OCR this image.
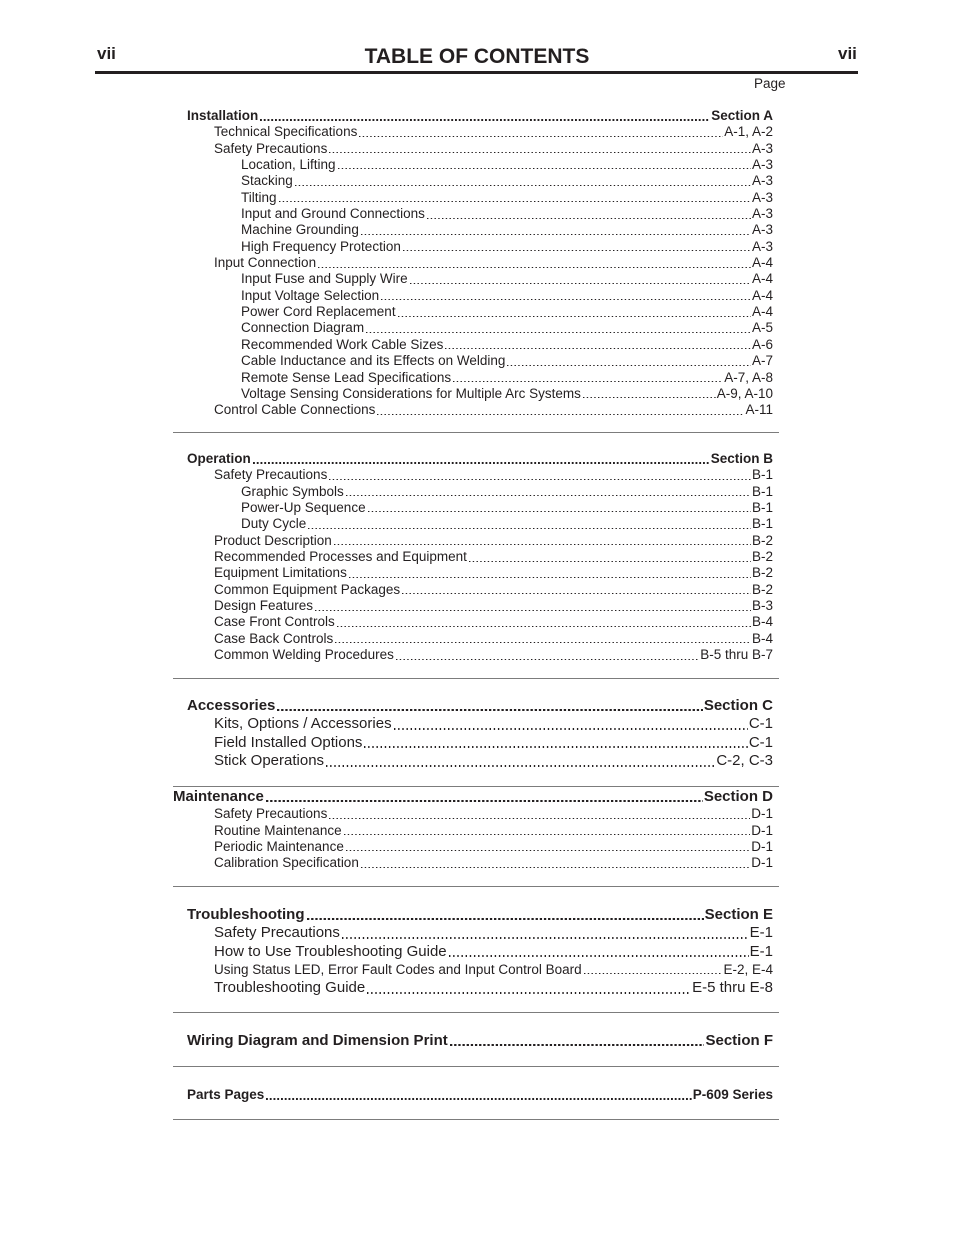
vii	TABLE OF CONTENTS	vii
Page
Installation	Section A
Technical Specifications	A-1, A-2
Safety Precautions	A-3
Location, Lifting	A-3
Stacking	A-3
Tilting	A-3
Input and Ground Connections	A-3
Machine Grounding	A-3
High Frequency Protection	A-3
Input Connection	A-4
Input Fuse and Supply Wire	A-4
Input Voltage Selection	A-4
Power Cord Replacement	A-4
Connection Diagram	A-5
Recommended Work Cable Sizes	A-6
Cable Inductance and its Effects on Welding	A-7
Remote Sense Lead Specifications	A-7, A-8
Voltage Sensing Considerations for Multiple Arc Systems	A-9, A-10
Control Cable Connections	A-11
Operation	Section B
Safety Precautions	B-1
Graphic Symbols	B-1
Power-Up Sequence	B-1
Duty Cycle	B-1
Product Description	B-2
Recommended Processes and Equipment	B-2
Equipment Limitations	B-2
Common Equipment Packages	B-2
Design Features	B-3
Case Front Controls	B-4
Case Back Controls	B-4
Common Welding Procedures	B-5 thru B-7
Accessories	Section C
Kits, Options / Accessories	C-1
Field Installed Options	C-1
Stick Operations	C-2, C-3
Maintenance	Section D
Safety Precautions	D-1
Routine Maintenance	D-1
Periodic Maintenance	D-1
Calibration Specification	D-1
Troubleshooting	Section E
Safety Precautions	E-1
How to Use Troubleshooting Guide	E-1
Using Status LED, Error Fault Codes and Input Control Board	E-2, E-4
Troubleshooting Guide	E-5 thru E-8
Wiring Diagram and Dimension Print	Section F
Parts Pages	P-609 Series
